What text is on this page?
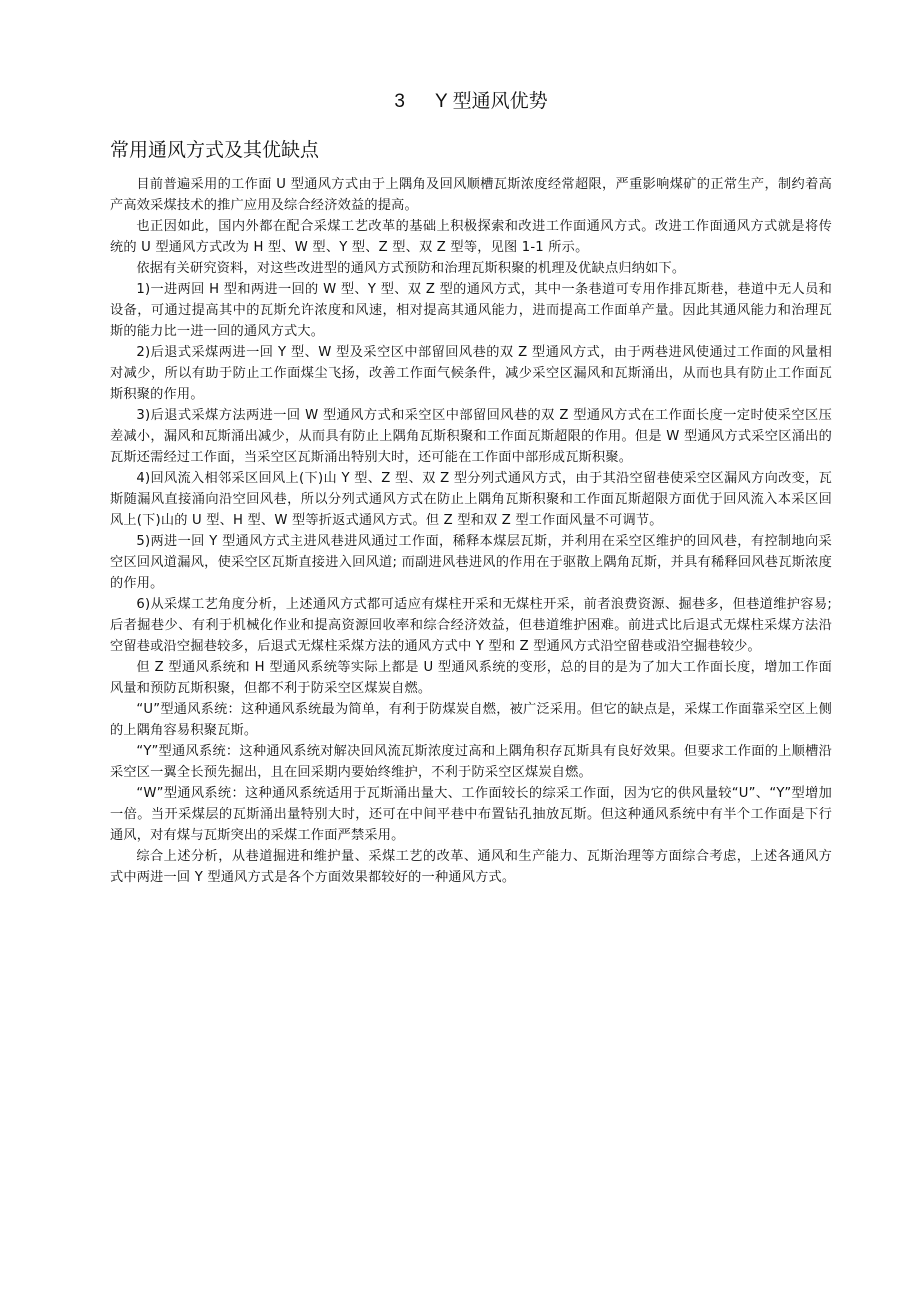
3 Y 型通风优势
常用通风方式及其优缺点

目前普遍采用的工作面 U 型通风方式由于上隅角及回风顺槽瓦斯浓度经常超限，严重影响煤矿的正常生产，制约着高产高效采煤技术的推广应用及综合经济效益的提高。

也正因如此，国内外都在配合采煤工艺改革的基础上积极探索和改进工作面通风方式。改进工作面通风方式就是将传统的 U 型通风方式改为 H 型、W 型、Y 型、Z 型、双 Z 型等，见图 1-1 所示。

依据有关研究资料，对这些改进型的通风方式预防和治理瓦斯积聚的机理及优缺点归纳如下。

1)一进两回 H 型和两进一回的 W 型、Y 型、双 Z 型的通风方式，其中一条巷道可专用作排瓦斯巷，巷道中无人员和设备，可通过提高其中的瓦斯允许浓度和风速，相对提高其通风能力，进而提高工作面单产量。因此其通风能力和治理瓦斯的能力比一进一回的通风方式大。

2)后退式采煤两进一回 Y 型、W 型及采空区中部留回风巷的双 Z 型通风方式，由于两巷进风使通过工作面的风量相对减少，所以有助于防止工作面煤尘飞扬，改善工作面气候条件，减少采空区漏风和瓦斯涌出，从而也具有防止工作面瓦斯积聚的作用。

3)后退式采煤方法两进一回 W 型通风方式和采空区中部留回风巷的双 Z 型通风方式在工作面长度一定时使采空区压差减小，漏风和瓦斯涌出减少，从而具有防止上隅角瓦斯积聚和工作面瓦斯超限的作用。但是 W 型通风方式采空区涌出的瓦斯还需经过工作面，当采空区瓦斯涌出特别大时，还可能在工作面中部形成瓦斯积聚。

4)回风流入相邻采区回风上(下)山 Y 型、Z 型、双 Z 型分列式通风方式，由于其沿空留巷使采空区漏风方向改变，瓦斯随漏风直接涌向沿空回风巷，所以分列式通风方式在防止上隅角瓦斯积聚和工作面瓦斯超限方面优于回风流入本采区回风上(下)山的 U 型、H 型、W 型等折返式通风方式。但 Z 型和双 Z 型工作面风量不可调节。

5)两进一回 Y 型通风方式主进风巷进风通过工作面，稀释本煤层瓦斯，并利用在采空区维护的回风巷，有控制地向采空区回风道漏风，使采空区瓦斯直接进入回风道; 而副进风巷进风的作用在于驱散上隅角瓦斯，并具有稀释回风巷瓦斯浓度的作用。

6)从采煤工艺角度分析，上述通风方式都可适应有煤柱开采和无煤柱开采，前者浪费资源、掘巷多，但巷道维护容易; 后者掘巷少、有利于机械化作业和提高资源回收率和综合经济效益，但巷道维护困难。前进式比后退式无煤柱采煤方法沿空留巷或沿空掘巷较多，后退式无煤柱采煤方法的通风方式中 Y 型和 Z 型通风方式沿空留巷或沿空掘巷较少。

但 Z 型通风系统和 H 型通风系统等实际上都是 U 型通风系统的变形，总的目的是为了加大工作面长度，增加工作面风量和预防瓦斯积聚，但都不利于防采空区煤炭自燃。

“U”型通风系统：这种通风系统最为简单，有利于防煤炭自燃，被广泛采用。但它的缺点是，采煤工作面靠采空区上侧的上隅角容易积聚瓦斯。

“Y”型通风系统：这种通风系统对解决回风流瓦斯浓度过高和上隅角积存瓦斯具有良好效果。但要求工作面的上顺槽沿采空区一翼全长预先掘出，且在回采期内要始终维护，不利于防采空区煤炭自燃。

“W”型通风系统：这种通风系统适用于瓦斯涌出量大、工作面较长的综采工作面，因为它的供风量较“U”、“Y”型增加一倍。当开采煤层的瓦斯涌出量特别大时，还可在中间平巷中布置钻孔抽放瓦斯。但这种通风系统中有半个工作面是下行通风，对有煤与瓦斯突出的采煤工作面严禁采用。

综合上述分析，从巷道掘进和维护量、采煤工艺的改革、通风和生产能力、瓦斯治理等方面综合考虑，上述各通风方式中两进一回 Y 型通风方式是各个方面效果都较好的一种通风方式。
